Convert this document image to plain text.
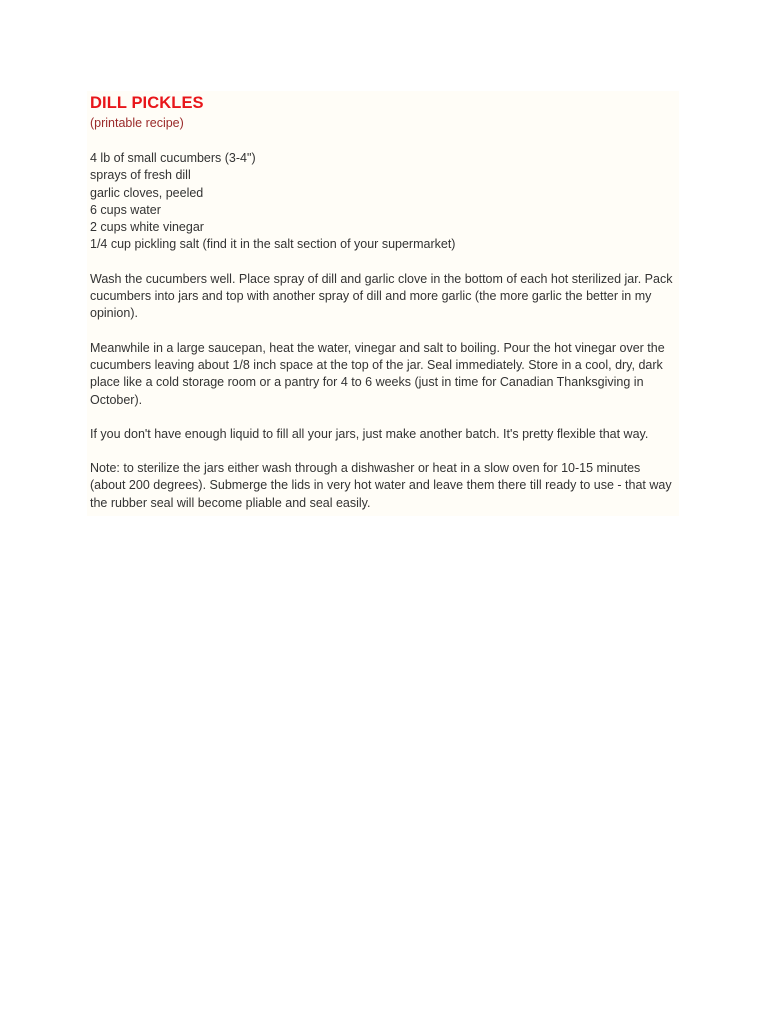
DILL PICKLES
(printable recipe)
4 lb of small cucumbers (3-4")
sprays of fresh dill
garlic cloves, peeled
6 cups water
2 cups white vinegar
1/4 cup pickling salt (find it in the salt section of your supermarket)

Wash the cucumbers well. Place spray of dill and garlic clove in the bottom of each hot sterilized jar. Pack cucumbers into jars and top with another spray of dill and more garlic (the more garlic the better in my opinion).

Meanwhile in a large saucepan, heat the water, vinegar and salt to boiling. Pour the hot vinegar over the cucumbers leaving about 1/8 inch space at the top of the jar. Seal immediately. Store in a cool, dry, dark place like a cold storage room or a pantry for 4 to 6 weeks (just in time for Canadian Thanksgiving in October).

If you don't have enough liquid to fill all your jars, just make another batch. It's pretty flexible that way.

Note: to sterilize the jars either wash through a dishwasher or heat in a slow oven for 10-15 minutes (about 200 degrees). Submerge the lids in very hot water and leave them there till ready to use - that way the rubber seal will become pliable and seal easily.
